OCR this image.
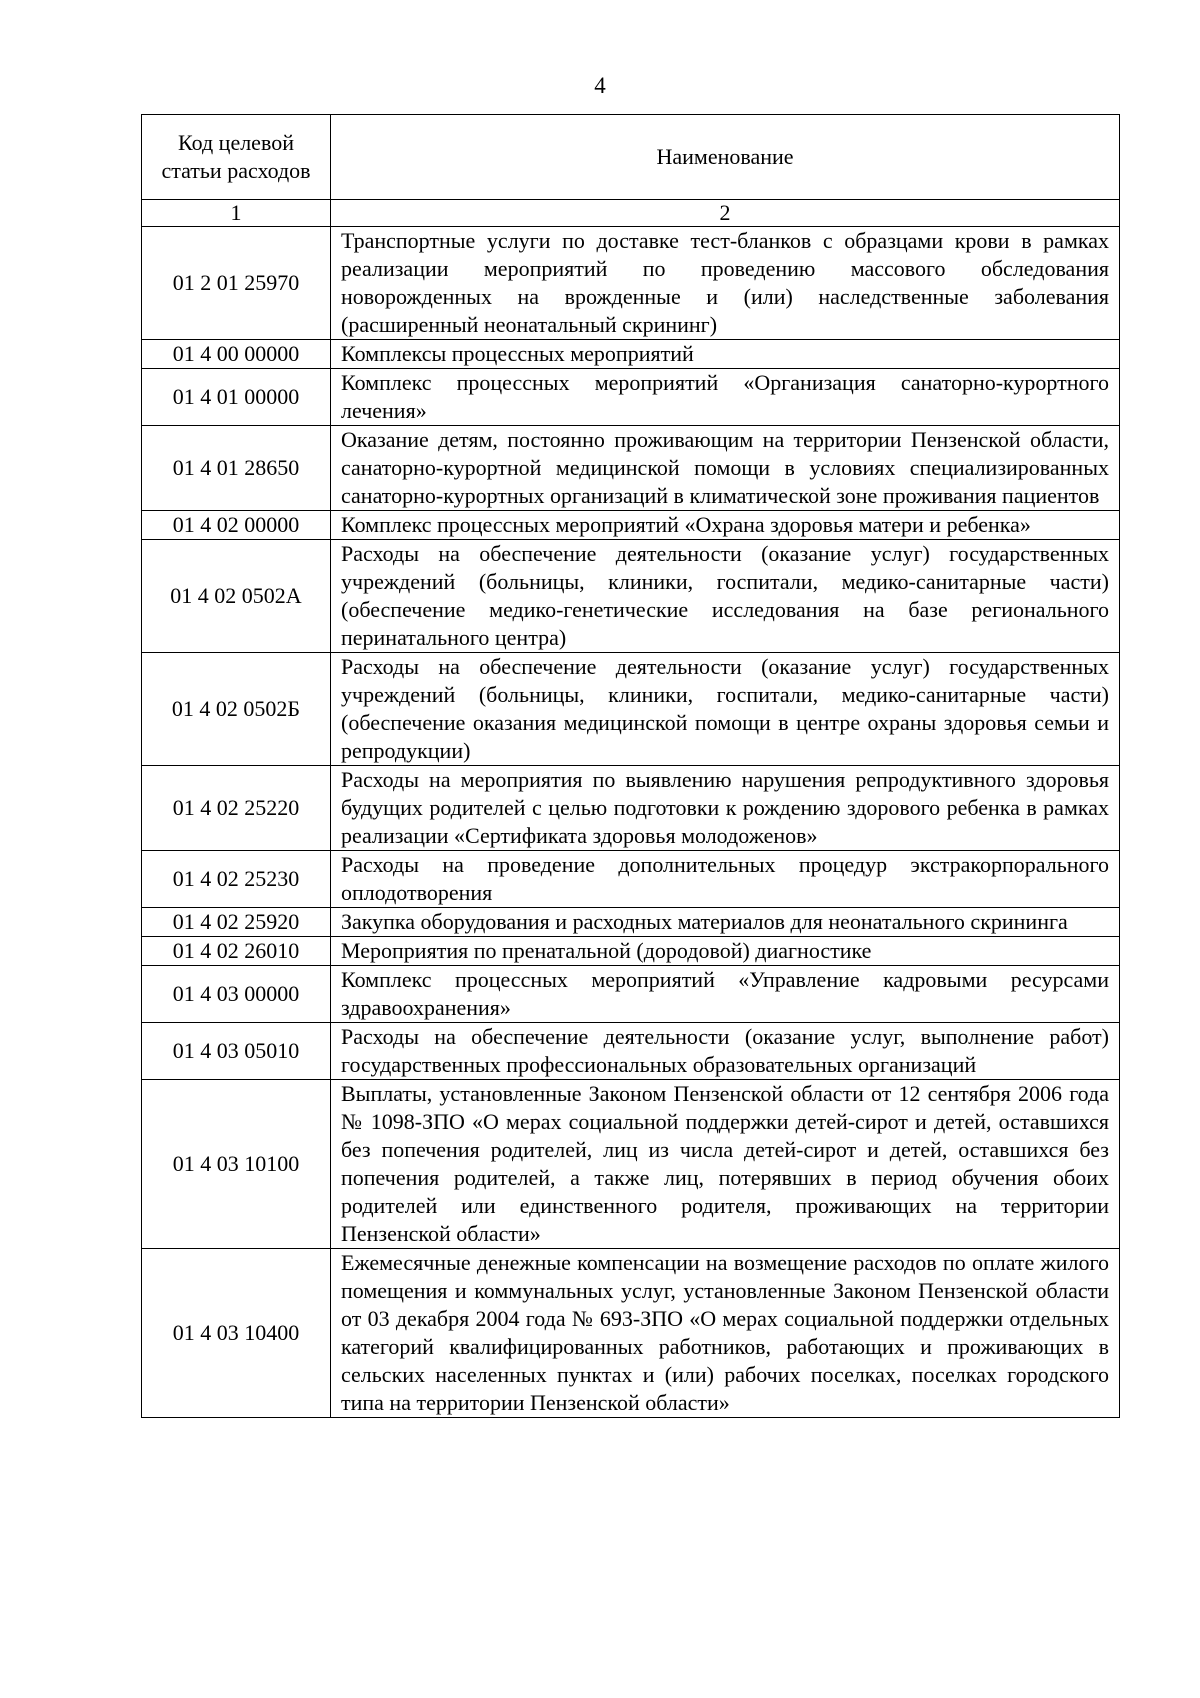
4
Код целевой статьи расходов	Наименование
1	2
01 2 01 25970	Транспортные услуги по доставке тест-бланков с образцами крови в рамках реализации мероприятий по проведению массового обследования новорожденных на врожденные и (или) наследственные заболевания (расширенный неонатальный скрининг)
01 4 00 00000	Комплексы процессных мероприятий
01 4 01 00000	Комплекс процессных мероприятий «Организация санаторно-курортного лечения»
01 4 01 28650	Оказание детям, постоянно проживающим на территории Пензенской области, санаторно-курортной медицинской помощи в условиях специализированных санаторно-курортных организаций в климатической зоне проживания пациентов
01 4 02 00000	Комплекс процессных мероприятий «Охрана здоровья матери и ребенка»
01 4 02 0502А	Расходы на обеспечение деятельности (оказание услуг) государственных учреждений (больницы, клиники, госпитали, медико-санитарные части) (обеспечение медико-генетические исследования на базе регионального перинатального центра)
01 4 02 0502Б	Расходы на обеспечение деятельности (оказание услуг) государственных учреждений (больницы, клиники, госпитали, медико-санитарные части) (обеспечение оказания медицинской помощи в центре охраны здоровья семьи и репродукции)
01 4 02 25220	Расходы на мероприятия по выявлению нарушения репродуктивного здоровья будущих родителей с целью подготовки к рождению здорового ребенка в рамках реализации «Сертификата здоровья молодоженов»
01 4 02 25230	Расходы на проведение дополнительных процедур экстракорпорального оплодотворения
01 4 02 25920	Закупка оборудования и расходных материалов для неонатального скрининга
01 4 02 26010	Мероприятия по пренатальной (дородовой) диагностике
01 4 03 00000	Комплекс процессных мероприятий «Управление кадровыми ресурсами здравоохранения»
01 4 03 05010	Расходы на обеспечение деятельности (оказание услуг, выполнение работ) государственных профессиональных образовательных организаций
01 4 03 10100	Выплаты, установленные Законом Пензенской области от 12 сентября 2006 года № 1098-ЗПО «О мерах социальной поддержки детей-сирот и детей, оставшихся без попечения родителей, лиц из числа детей-сирот и детей, оставшихся без попечения родителей, а также лиц, потерявших в период обучения обоих родителей или единственного родителя, проживающих на территории Пензенской области»
01 4 03 10400	Ежемесячные денежные компенсации на возмещение расходов по оплате жилого помещения и коммунальных услуг, установленные Законом Пензенской области от 03 декабря 2004 года № 693-ЗПО «О мерах социальной поддержки отдельных категорий квалифицированных работников, работающих и проживающих в сельских населенных пунктах и (или) рабочих поселках, поселках городского типа на территории Пензенской области»
